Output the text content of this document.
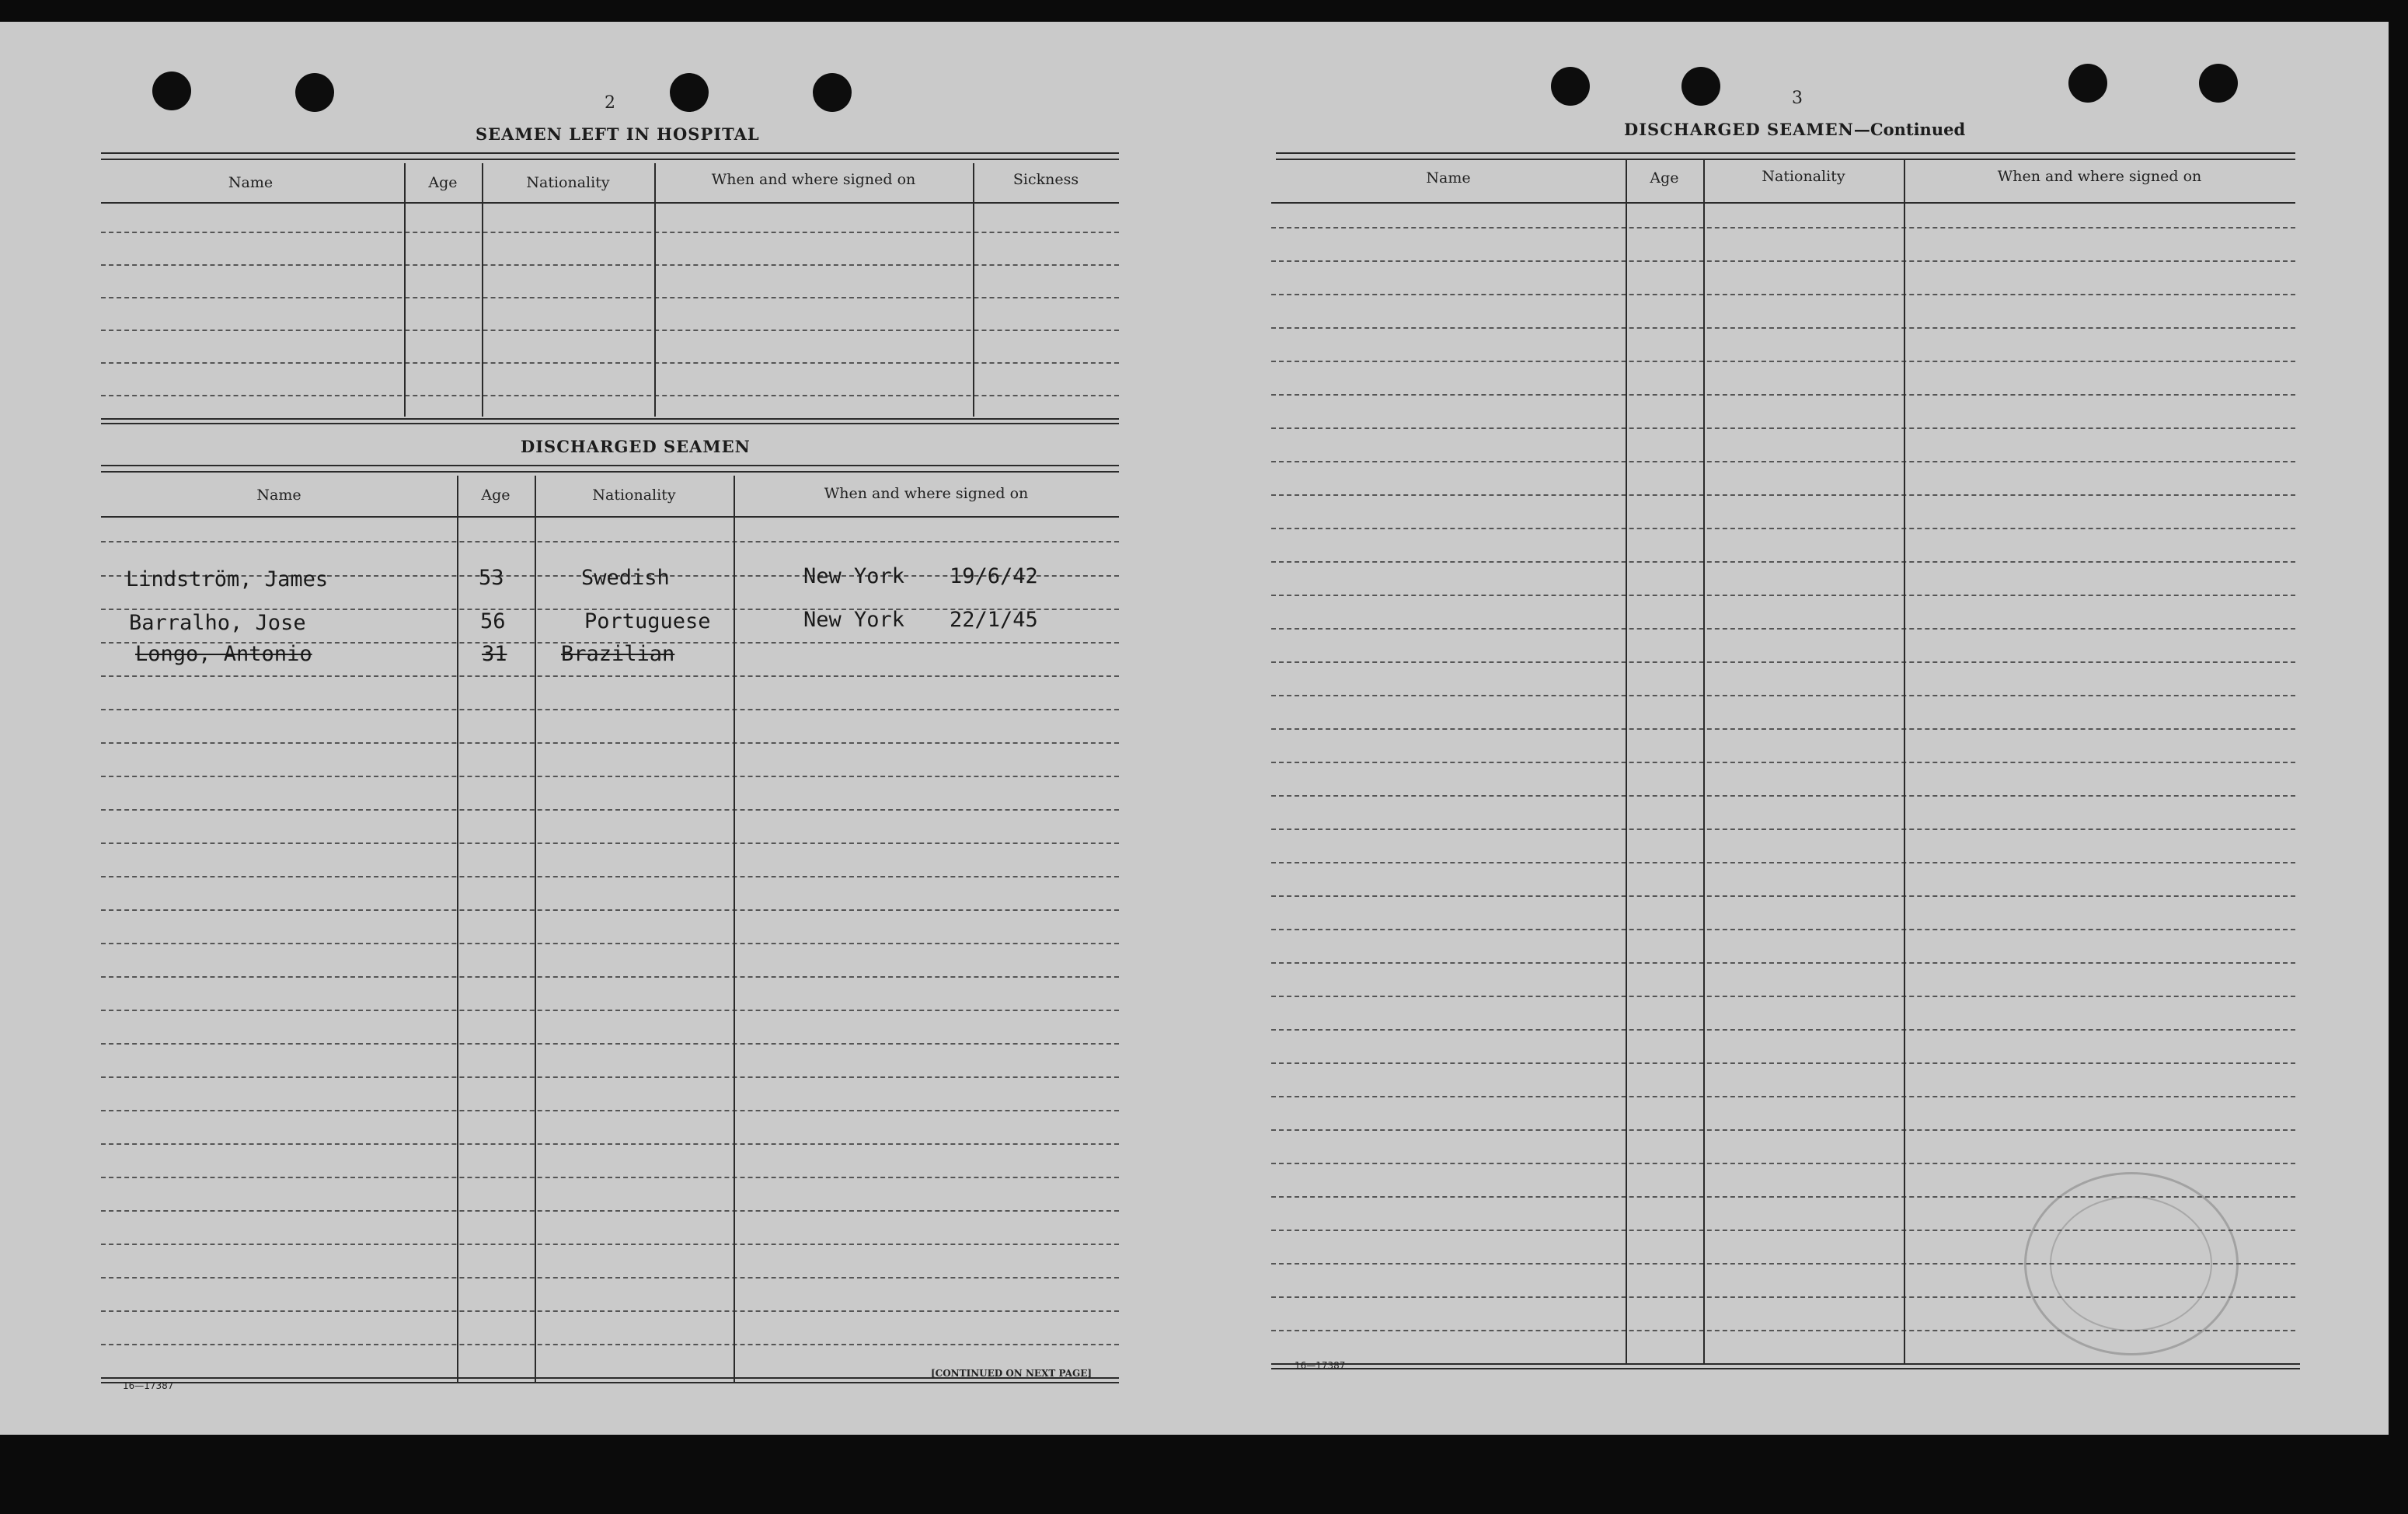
2
SEAMEN LEFT IN HOSPITAL
Name	Age	Nationality	When and where signed on	Sickness
DISCHARGED SEAMEN
Name	Age	Nationality	When and where signed on
Lindström, James	53	Swedish	New York 19/6/42
Barralho, Jose	56	Portuguese	New York 22/1/45
Longo, Antonio	31	Brazilian
16—17387
[CONTINUED ON NEXT PAGE]
3
DISCHARGED SEAMEN—Continued
Name	Age	Nationality	When and where signed on
16—17387
